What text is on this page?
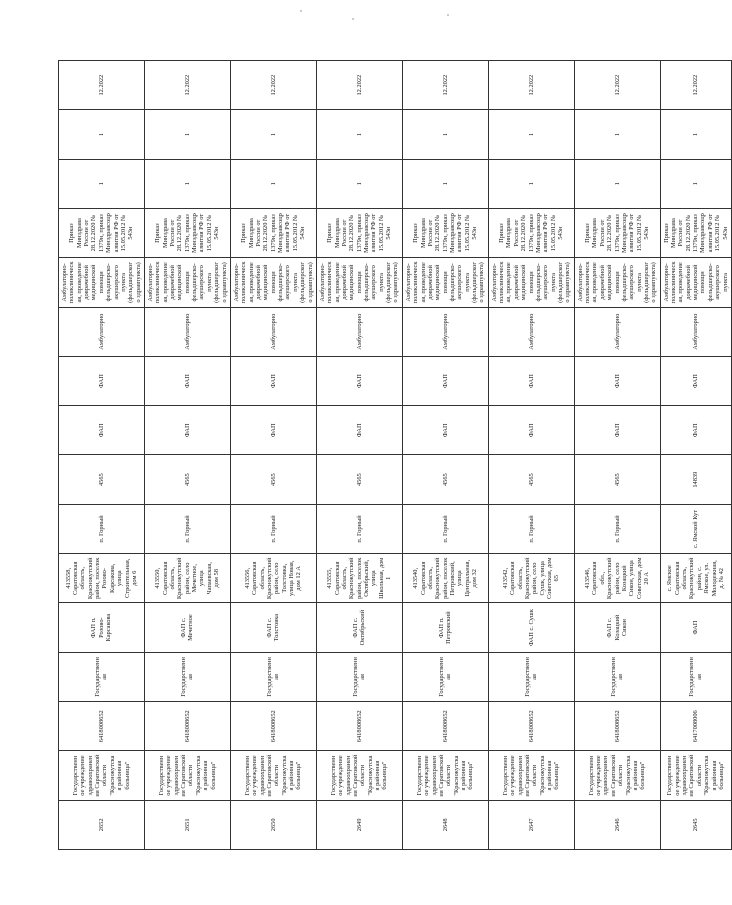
2652	Государственное учреждение здравоохранения Саратовской области "Краснокутская районная больница"	6418008652	Государственная	ФАП п. Розово-Карсакова	413558, Саратовская область, Краснокутский район, поселок Розово-Карсакова, улица Строительная, дом 6	п. Горный	4565	ФАП	ФАП	Амбулаторно	Амбулаторно-поликлиническая, проведение доврачебной медицинской помощи фельдшерско-акушерского пункта (фельдшерского здравпункта)	Приказ Минздрава России от 28.12.2020 № 1379н, приказ Минздравсоцразвития РФ от 15.05.2012 № 543н	1	1	12.2022
2651	Государственное учреждение здравоохранения Саратовской области "Краснокутская районная больница"	6418008652	Государственная	ФАП с. Мечетное	413550, Саратовская область, Краснокутский район, село Мечетное, улица Чапаевская, дом 58	п. Горный	4565	ФАП	ФАП	Амбулаторно	Амбулаторно-поликлиническая, проведение доврачебной медицинской помощи фельдшерско-акушерского пункта (фельдшерского здравпункта)	Приказ Минздрава России от 28.12.2020 № 1379н, приказ Минздравсоцразвития РФ от 15.05.2012 № 543н	1	1	12.2022
2650	Государственное учреждение здравоохранения Саратовской области "Краснокутская районная больница"	6418008652	Государственная	ФАП с. Толстовка	413556, Саратовская область, Краснокутский район, село Толстовка, улица Новая, дом 12 А	п. Горный	4565	ФАП	ФАП	Амбулаторно	Амбулаторно-поликлиническая, проведение доврачебной медицинской помощи фельдшерско-акушерского пункта (фельдшерского здравпункта)	Приказ Минздрава России от 28.12.2020 № 1379н, приказ Минздравсоцразвития РФ от 15.05.2012 № 543н	1	1	12.2022
2649	Государственное учреждение здравоохранения Саратовской области "Краснокутская районная больница"	6418008652	Государственная	ФАП с. Октябрьский	413555, Саратовская область, Краснокутский район, поселок Октябрьский, улица Школьная, дом 1	п. Горный	4565	ФАП	ФАП	Амбулаторно	Амбулаторно-поликлиническая, проведение доврачебной медицинской помощи фельдшерско-акушерского пункта (фельдшерского здравпункта)	Приказ Минздрава России от 28.12.2020 № 1379н, приказ Минздравсоцразвития РФ от 15.05.2012 № 543н	1	1	12.2022
2648	Государственное учреждение здравоохранения Саратовской области "Краснокутская районная больница"	6418008652	Государственная	ФАП п. Петровский	413540, Саратовская область, Краснокутский район, поселок Петровский, улица Центральная, дом 32	п. Горный	4565	ФАП	ФАП	Амбулаторно	Амбулаторно-поликлиническая, проведение доврачебной медицинской помощи фельдшерско-акушерского пункта (фельдшерского здравпункта)	Приказ Минздрава России от 28.12.2020 № 1379н, приказ Минздравсоцразвития РФ от 15.05.2012 № 543н	1	1	12.2022
2647	Государственное учреждение здравоохранения Саратовской области "Краснокутская районная больница"	6418008652	Государственная	ФАП с. Сушк	413542, Саратовская область, Краснокутский район, село Сушк, улица Советская, дом 65	п. Горный	4565	ФАП	ФАП	Амбулаторно	Амбулаторно-поликлиническая, проведение доврачебной медицинской помощи фельдшерско-акушерского пункта (фельдшерского здравпункта)	Приказ Минздрава России от 28.12.2020 № 1379н, приказ Минздравсоцразвития РФ от 15.05.2012 № 543н	1	1	12.2022
2646	Государственное учреждение здравоохранения Саратовской области "Краснокутская районная больница"	6418008652	Государственная	ФАП с. Козацкий Сикон	413546, Саратовская обл., Краснокутский район, село Козацкий Сикон, улица Советская, дом 20 А	п. Горный	4565	ФАП	ФАП	Амбулаторно	Амбулаторно-поликлиническая, проведение доврачебной медицинской помощи фельдшерско-акушерского пункта (фельдшерского здравпункта)	Приказ Минздрава России от 28.12.2020 № 1379н, приказ Минздравсоцразвития РФ от 15.05.2012 № 543н	1	1	12.2022
2645	Государственное учреждение здравоохранения Саратовской области "Краснокутская районная больница"	6417008006	Государственная	ФАП	с. Ямское Саратовская область, Краснокутский район, с. Ямское, ул. Молодежная, д. № 42	с. Ямской Кут	14839	ФАП	ФАП	Амбулаторно	Амбулаторно-поликлиническая, проведение доврачебной медицинской помощи фельдшерско-акушерского пункта	Приказ Минздрава России от 28.12.2020 № 1379н, приказ Минздравсоцразвития РФ от 15.05.2012 № 543н	1	1	12.2022
